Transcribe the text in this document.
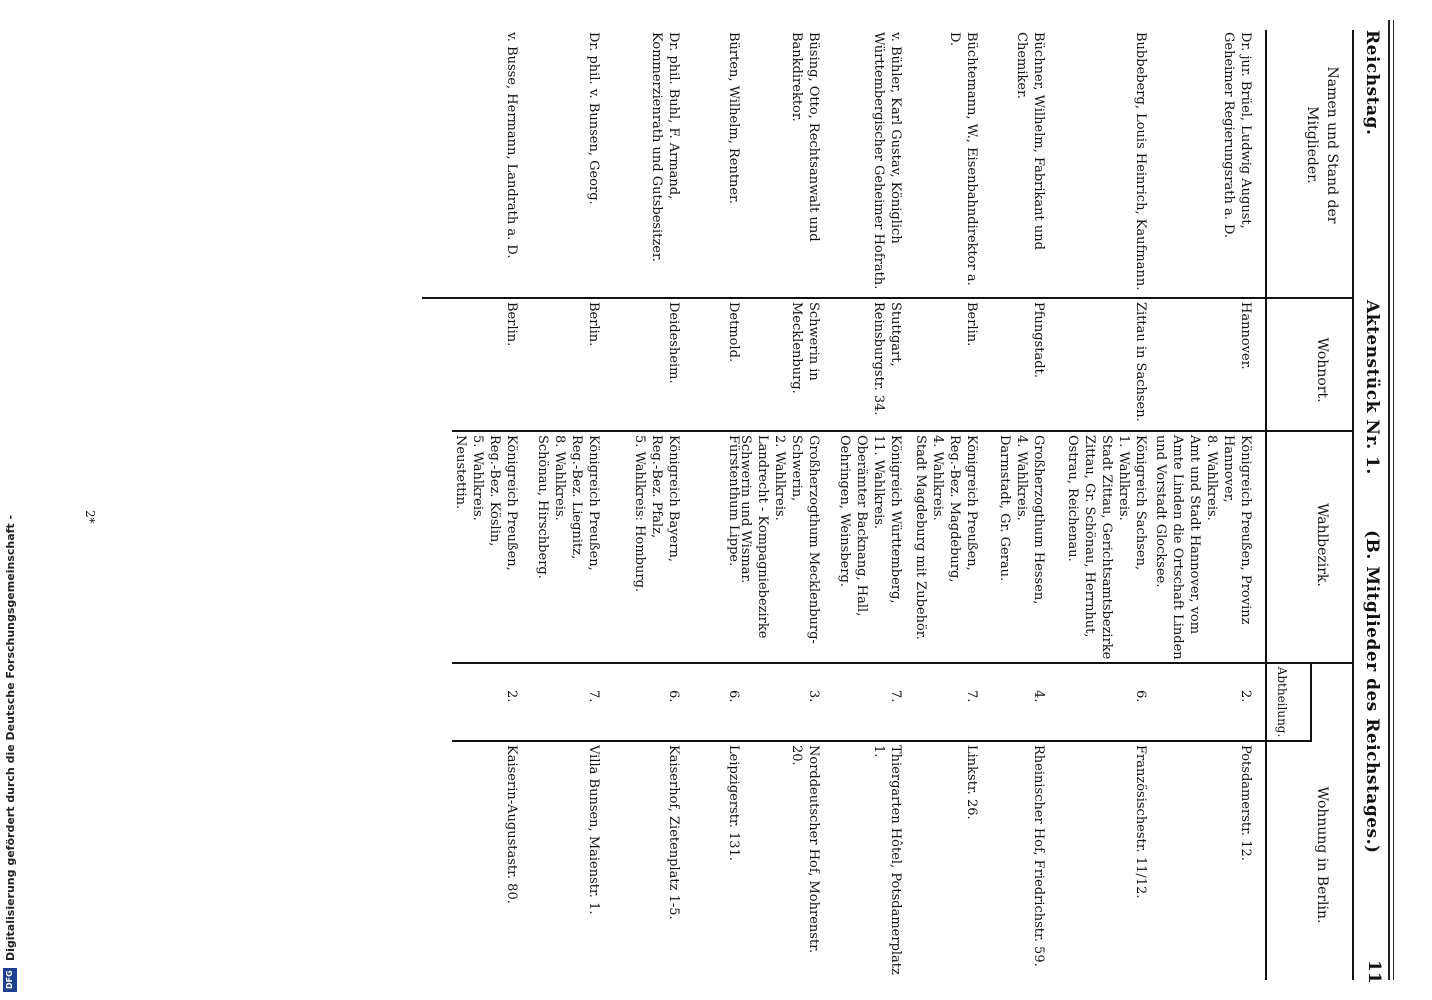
Digitalisierung gefördert durch die Deutsche Forschungsgemeinschaft -
DFG
Reichstag.
Aktenstück Nr. 1.
(B. Mitglieder des Reichstages.)
11
Namen und Stand der Mitglieder.
Wohnort.
Wahlbezirk.
Abtheilung.
Wohnung in Berlin.
Dr. jur. Brüel, Ludwig August, Geheimer Regierungsrath a. D.
Hannover.
Königreich Preußen, Provinz Hannover,
8. Wahlkreis.
Amt und Stadt Hannover, vom Amte Linden die Ortschaft Linden und Vorstadt Glocksee.
2.
Potsdamerstr. 12.
Bubbeberg, Louis Heinrich, Kaufmann.
Zittau in Sachsen.
Königreich Sachsen,
1. Wahlkreis.
Stadt Zittau, Gerichtsamtsbezirke Zittau, Gr. Schönau, Herrnhut, Ostrau, Reichenau.
6.
Französischestr. 11/12.
Büchner, Wilhelm, Fabrikant und Chemiker.
Pfungstadt.
Großherzogthum Hessen,
4. Wahlkreis.
Darmstadt, Gr. Gerau.
4.
Rheinischer Hof, Friedrichstr. 59.
Büchtemann, W., Eisenbahndirektor a. D.
Berlin.
Königreich Preußen,
Reg.-Bez. Magdeburg,
4. Wahlkreis.
Stadt Magdeburg mit Zubehör.
7.
Linkstr. 26.
v. Bühler, Karl Gustav, Königlich Württembergischer Geheimer Hofrath.
Stuttgart, Reinsburgstr. 34.
Königreich Württemberg,
11. Wahlkreis.
Oberämter Backnang, Hall, Oehringen, Weinsberg.
7.
Thiergarten Hôtel, Potsdamerplatz 1.
Büsing, Otto, Rechtsanwalt und Bankdirektor.
Schwerin in Mecklenburg.
Großherzogthum Mecklenburg-Schwerin,
2. Wahlkreis.
Landrecht - Kompagniebezirke Schwerin und Wismar.
3.
Norddeutscher Hof, Mohrenstr. 20.
Bürten, Wilhelm, Rentner.
Detmold.
Fürstenthum Lippe.
6.
Leipzigerstr. 131.
Dr. phil. Buhl, F. Armand, Kommerzienrath und Gutsbesitzer.
Deidesheim.
Königreich Bayern,
Reg.-Bez. Pfalz,
5. Wahlkreis: Homburg.
6.
Kaiserhof, Zietenplatz 1-5.
Dr. phil. v. Bunsen, Georg.
Berlin.
Königreich Preußen,
Reg.-Bez. Liegnitz,
8. Wahlkreis.
Schönau, Hirschberg.
7.
Villa Bunsen, Maienstr. 1.
v. Busse, Hermann, Landrath a. D.
Berlin.
Königreich Preußen,
Reg.-Bez. Köslin,
5. Wahlkreis.
Neustettin.
2.
Kaiserin-Augustastr. 80.
2*
